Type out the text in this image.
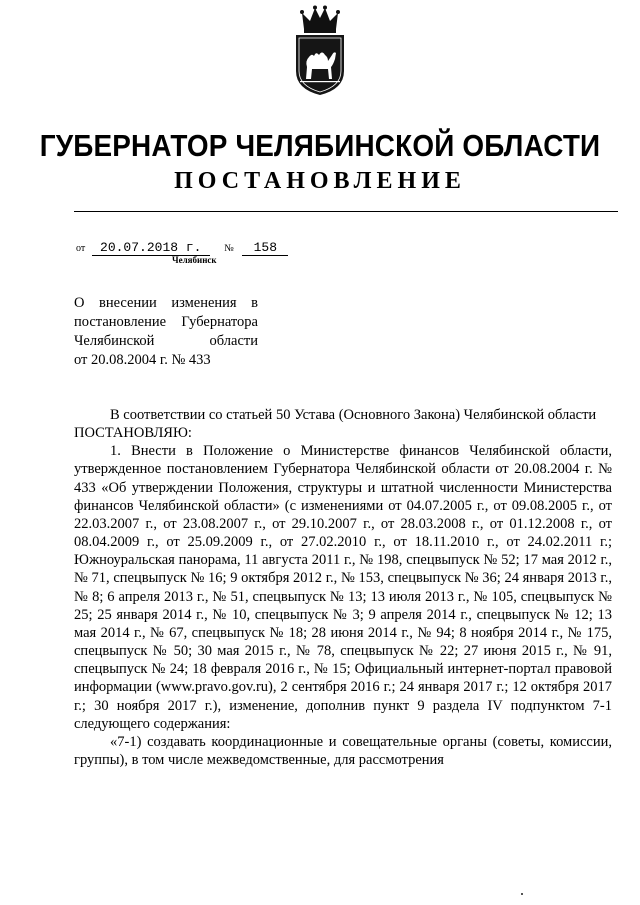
ГУБЕРНАТОР ЧЕЛЯБИНСКОЙ ОБЛАСТИ
ПОСТАНОВЛЕНИЕ
от 20.07.2018 г. № 158
Челябинск
О внесении изменения в
постановление Губернатора
Челябинской области
от 20.08.2004 г. № 433

В соответствии со статьей 50 Устава (Основного Закона) Челябинской области

ПОСТАНОВЛЯЮ:

1. Внести в Положение о Министерстве финансов Челябинской области, утвержденное постановлением Губернатора Челябинской области от 20.08.2004 г. № 433 «Об утверждении Положения, структуры и штатной численности Министерства финансов Челябинской области» (с изменениями от 04.07.2005 г., от 09.08.2005 г., от 22.03.2007 г., от 23.08.2007 г., от 29.10.2007 г., от 28.03.2008 г., от 01.12.2008 г., от 08.04.2009 г., от 25.09.2009 г., от 27.02.2010 г., от 18.11.2010 г., от 24.02.2011 г.; Южноуральская панорама, 11 августа 2011 г., № 198, спецвыпуск № 52; 17 мая 2012 г., № 71, спецвыпуск № 16; 9 октября 2012 г., № 153, спецвыпуск № 36; 24 января 2013 г., № 8; 6 апреля 2013 г., № 51, спецвыпуск № 13; 13 июля 2013 г., № 105, спецвыпуск № 25; 25 января 2014 г., № 10, спецвыпуск № 3; 9 апреля 2014 г., спецвыпуск № 12; 13 мая 2014 г., № 67, спецвыпуск № 18; 28 июня 2014 г., № 94; 8 ноября 2014 г., № 175, спецвыпуск № 50; 30 мая 2015 г., № 78, спецвыпуск № 22; 27 июня 2015 г., № 91, спецвыпуск № 24; 18 февраля 2016 г., № 15; Официальный интернет-портал правовой информации (www.pravo.gov.ru), 2 сентября 2016 г.; 24 января 2017 г.; 12 октября 2017 г.; 30 ноября 2017 г.), изменение, дополнив пункт 9 раздела IV подпунктом 7-1 следующего содержания:

«7-1) создавать координационные и совещательные органы (советы, комиссии, группы), в том числе межведомственные, для рассмотрения
